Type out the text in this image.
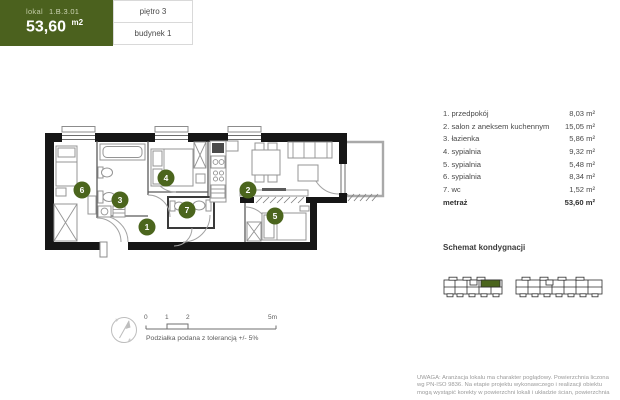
lokal 1.B.3.01
53,60 $^{m2}$
piętro 3
budynek 1
1
2
3
4
5
6
7
1. przedpokój	8,03 m²
2. salon z aneksem kuchennym 15,05 m²
3. łazienka	5,86 m²
4. sypialnia	9,32 m²
5. sypialnia	5,48 m²
6. sypialnia	8,34 m²
7. wc	1,52 m²
metraż	53,60 m²
Schemat kondygnacji
0	1	2	5m
Podziałka podana z tolerancją +/- 5%
UWAGA: Aranżacja lokalu ma charakter poglądowy. Powierzchnia liczona wg PN-ISO 9836. Na etapie projektu wykonawczego i realizacji obiektu mogą wystąpić korekty w powierzchni lokali i układzie ścian, powierzchnia
